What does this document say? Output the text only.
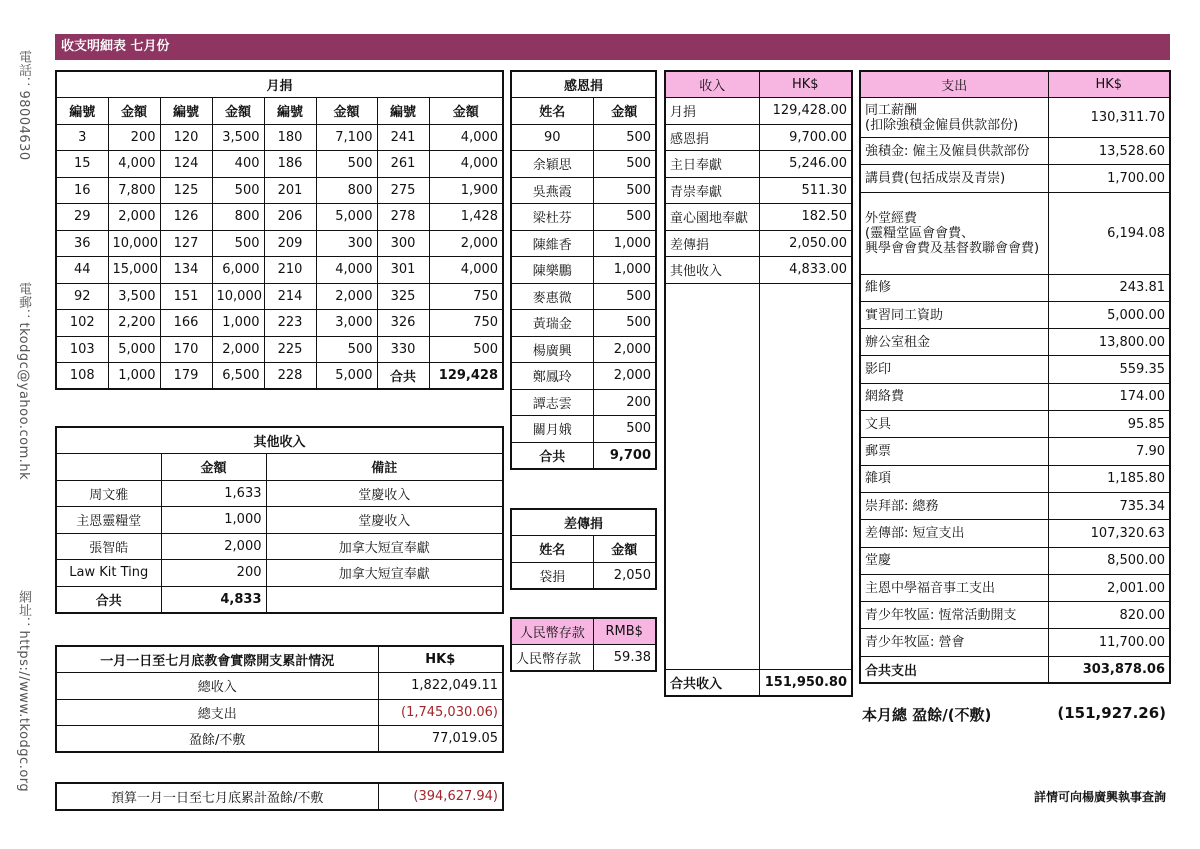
收支明細表 七月份
電話：98004630
電郵：tkodgc@yahoo.com.hk
網址：https://www.tkodgc.org
月捐							
編號	金額	編號	金額	編號	金額	編號	金額
3	200	120	3,500	180	7,100	241	4,000
15	4,000	124	400	186	500	261	4,000
16	7,800	125	500	201	800	275	1,900
29	2,000	126	800	206	5,000	278	1,428
36	10,000	127	500	209	300	300	2,000
44	15,000	134	6,000	210	4,000	301	4,000
92	3,500	151	10,000	214	2,000	325	750
102	2,200	166	1,000	223	3,000	326	750
103	5,000	170	2,000	225	500	330	500
108	1,000	179	6,500	228	5,000	合共	129,428
其他收入		
	金額	備註
周文雅	1,633	堂慶收入
主恩靈糧堂	1,000	堂慶收入
張智皓	2,000	加拿大短宣奉獻
Law Kit Ting	200	加拿大短宣奉獻
合共	4,833	
一月一日至七月底教會實際開支累計情況	HK$
總收入	1,822,049.11
總支出	(1,745,030.06)
盈餘/不敷	77,019.05
預算一月一日至七月底累計盈餘/不敷	(394,627.94)
感恩捐	
姓名	金額
90	500
余穎思	500
吳燕霞	500
梁杜芬	500
陳維香	1,000
陳樂鵬	1,000
麥惠微	500
黃瑞金	500
楊廣興	2,000
鄭鳳玲	2,000
譚志雲	200
關月娥	500
合共	9,700
差傳捐	
姓名	金額
袋捐	2,050
人民幣存款	RMB$
人民幣存款	59.38
收入	HK$
月捐	129,428.00
感恩捐	9,700.00
主日奉獻	5,246.00
青崇奉獻	511.30
童心園地奉獻	182.50
差傳捐	2,050.00
其他收入	4,833.00

合共收入	151,950.80
支出	HK$
同工薪酬
(扣除強積金僱員供款部份)	130,311.70
強積金: 僱主及僱員供款部份	13,528.60
講員費(包括成崇及青崇)	1,700.00
外堂經費
(靈糧堂區會會費、
興學會會費及基督教聯會會費)	6,194.08
維修	243.81
實習同工資助	5,000.00
辦公室租金	13,800.00
影印	559.35
網絡費	174.00
文具	95.85
郵票	7.90
雜項	1,185.80
崇拜部: 總務	735.34
差傳部: 短宣支出	107,320.63
堂慶	8,500.00
主恩中學福音事工支出	2,001.00
青少年牧區: 恆常活動開支	820.00
青少年牧區: 營會	11,700.00
合共支出	303,878.06
本月總 盈餘/(不敷)	(151,927.26)
詳情可向楊廣興執事查詢
